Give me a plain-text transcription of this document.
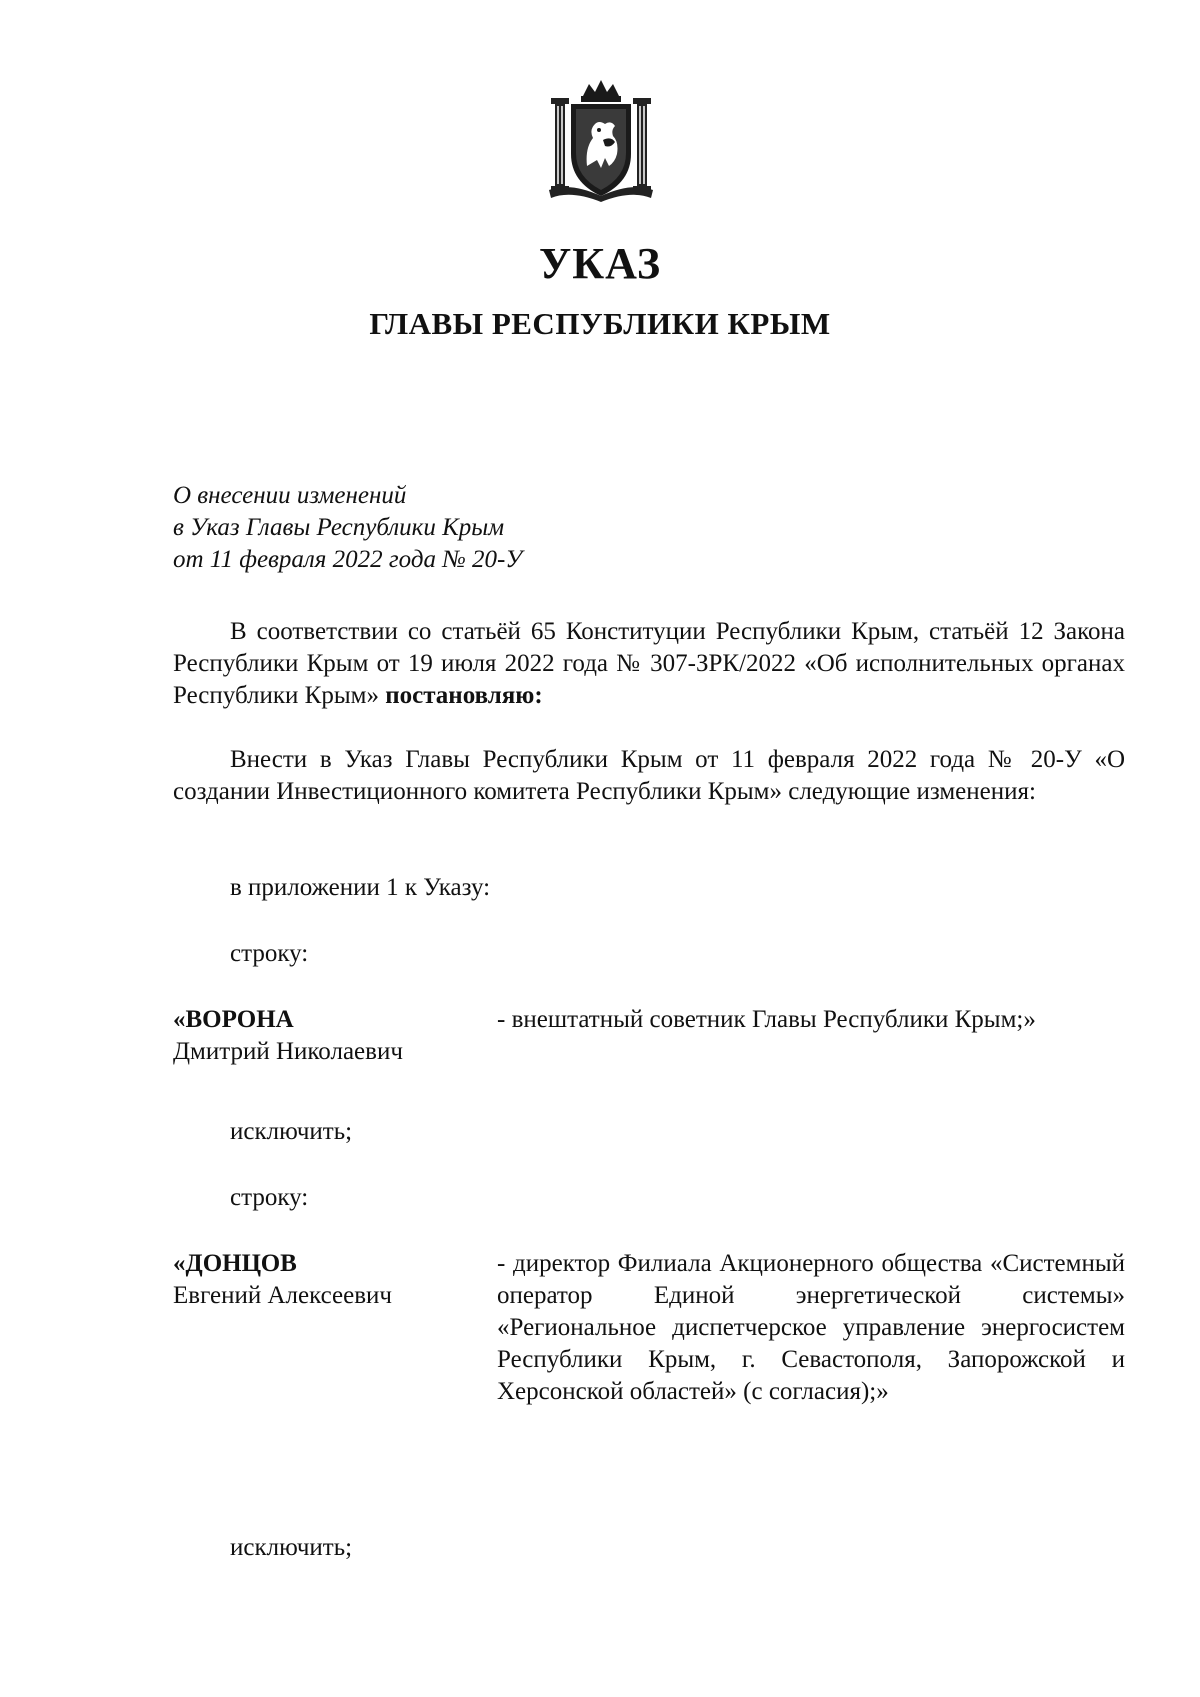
УКАЗ
ГЛАВЫ РЕСПУБЛИКИ КРЫМ
О внесении изменений
в Указ Главы Республики Крым
от 11 февраля 2022 года № 20-У

В соответствии со статьёй 65 Конституции Республики Крым, статьёй 12 Закона Республики Крым от 19 июля 2022 года № 307-ЗРК/2022 «Об исполнительных органах Республики Крым» постановляю:

Внести в Указ Главы Республики Крым от 11 февраля 2022 года № 20-У «О создании Инвестиционного комитета Республики Крым» следующие изменения:

в приложении 1 к Указу:
строку:
«ВОРОНА
Дмитрий Николаевич
- внештатный советник Главы Республики Крым;»
исключить;
строку:
«ДОНЦОВ
Евгений Алексеевич
- директор Филиала Акционерного общества «Системный оператор Единой энергетической системы» «Региональное диспетчерское управление энергосистем Республики Крым, г. Севастополя, Запорожской и Херсонской областей» (с согласия);»
исключить;
